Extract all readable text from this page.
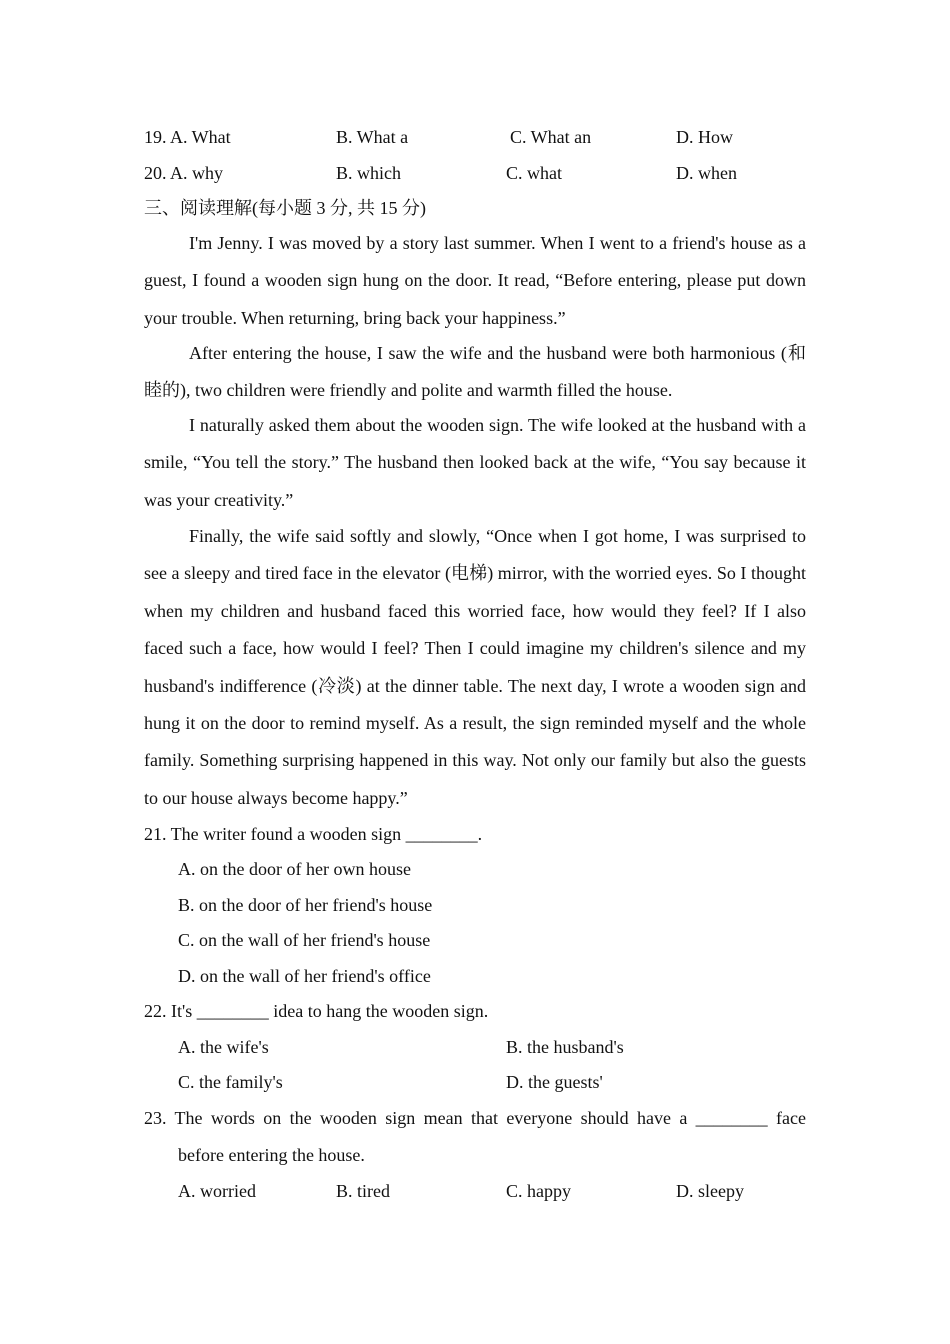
19. A. What	B. What a	C. What an	D. How
20. A. why	B. which	C. what	D. when
三、阅读理解(每小题 3 分, 共 15 分)

I'm Jenny. I was moved by a story last summer. When I went to a friend's house as a guest, I found a wooden sign hung on the door. It read, “Before entering, please put down your trouble. When returning, bring back your happiness.”

After entering the house, I saw the wife and the husband were both harmonious (和睦的), two children were friendly and polite and warmth filled the house.

I naturally asked them about the wooden sign. The wife looked at the husband with a smile, “You tell the story.” The husband then looked back at the wife, “You say because it was your creativity.”

Finally, the wife said softly and slowly, “Once when I got home, I was surprised to see a sleepy and tired face in the elevator (电梯) mirror, with the worried eyes. So I thought when my children and husband faced this worried face, how would they feel? If I also faced such a face, how would I feel? Then I could imagine my children's silence and my husband's indifference (冷淡) at the dinner table. The next day, I wrote a wooden sign and hung it on the door to remind myself. As a result, the sign reminded myself and the whole family. Something surprising happened in this way. Not only our family but also the guests to our house always become happy.”

21. The writer found a wooden sign ________.
A. on the door of her own house
B. on the door of her friend's house
C. on the wall of her friend's house
D. on the wall of her friend's office
22. It's ________ idea to hang the wooden sign.
A. the wife's	B. the husband's
C. the family's	D. the guests'
23. The words on the wooden sign mean that everyone should have a ________ face
before entering the house.
A. worried	B. tired	C. happy	D. sleepy
